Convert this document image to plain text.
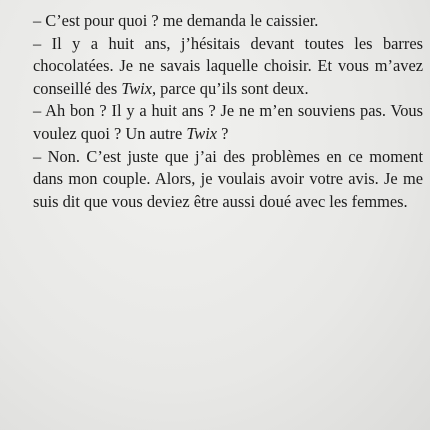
– C’est pour quoi ? me demanda le caissier.

– Il y a huit ans, j’hésitais devant toutes les barres chocolatées. Je ne savais laquelle choisir. Et vous m’avez conseillé des Twix, parce qu’ils sont deux.

– Ah bon ? Il y a huit ans ? Je ne m’en souviens pas. Vous voulez quoi ? Un autre Twix ?

– Non. C’est juste que j’ai des problèmes en ce moment dans mon couple. Alors, je voulais avoir votre avis. Je me suis dit que vous deviez être aussi doué avec les femmes.
